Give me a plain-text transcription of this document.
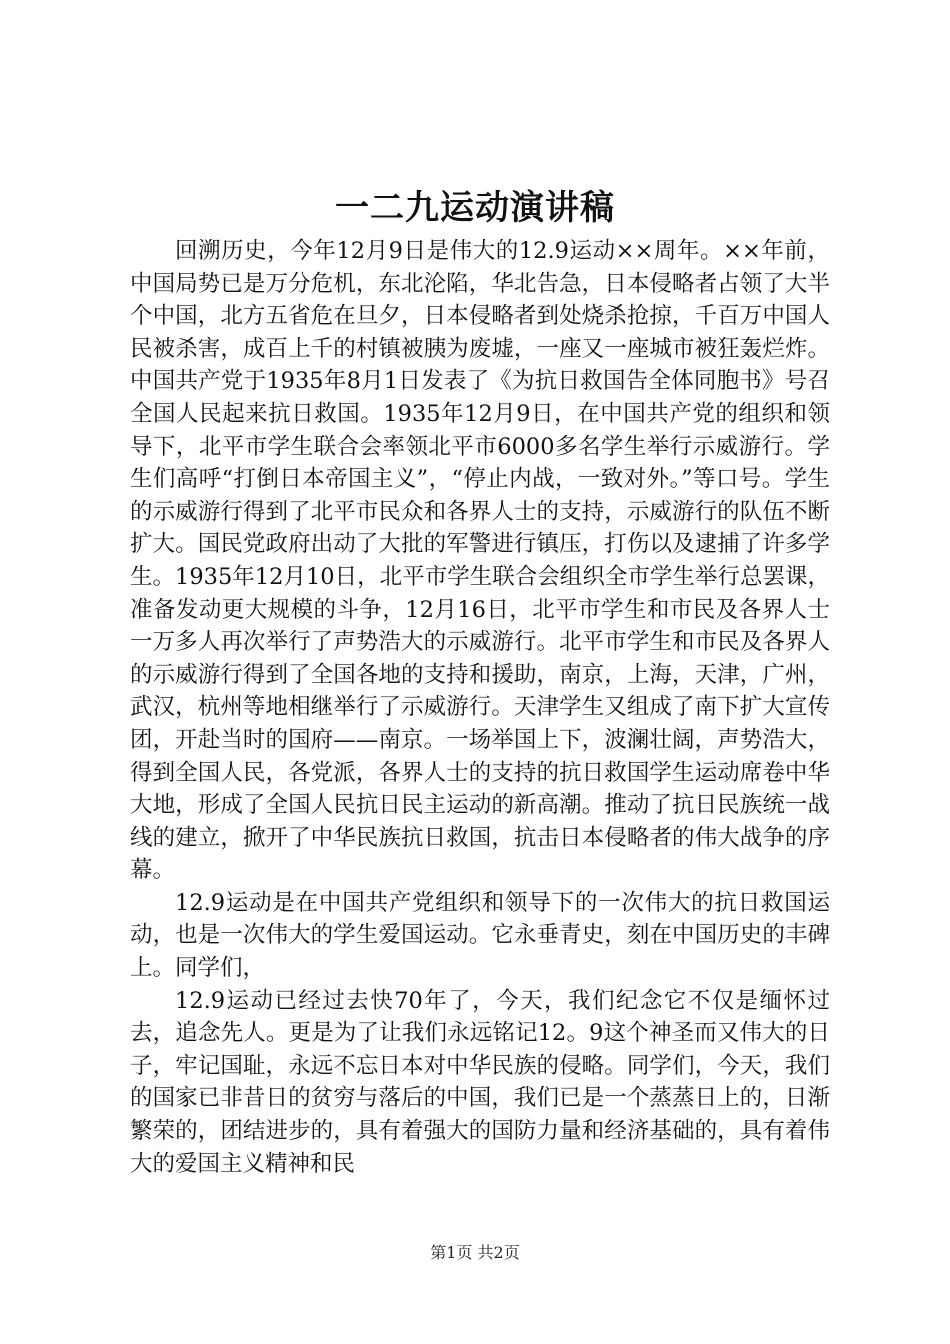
一二九运动演讲稿

回溯历史，今年12月9日是伟大的12.9运动××周年。××年前，中国局势已是万分危机，东北沦陷，华北告急，日本侵略者占领了大半个中国，北方五省危在旦夕，日本侵略者到处烧杀抢掠，千百万中国人民被杀害，成百上千的村镇被胰为废墟，一座又一座城市被狂轰烂炸。中国共产党于1935年8月1日发表了《为抗日救国告全体同胞书》号召全国人民起来抗日救国。1935年12月9日，在中国共产党的组织和领导下，北平市学生联合会率领北平市6000多名学生举行示威游行。学生们高呼“打倒日本帝国主义”，“停止内战，一致对外。”等口号。学生的示威游行得到了北平市民众和各界人士的支持，示威游行的队伍不断扩大。国民党政府出动了大批的军警进行镇压，打伤以及逮捕了许多学生。1935年12月10日，北平市学生联合会组织全市学生举行总罢课，准备发动更大规模的斗争，12月16日，北平市学生和市民及各界人士一万多人再次举行了声势浩大的示威游行。北平市学生和市民及各界人的示威游行得到了全国各地的支持和援助，南京，上海，天津，广州，武汉，杭州等地相继举行了示威游行。天津学生又组成了南下扩大宣传团，开赴当时的国府——南京。一场举国上下，波澜壮阔，声势浩大，得到全国人民，各党派，各界人士的支持的抗日救国学生运动席卷中华大地，形成了全国人民抗日民主运动的新高潮。推动了抗日民族统一战线的建立，掀开了中华民族抗日救国，抗击日本侵略者的伟大战争的序幕。

12.9运动是在中国共产党组织和领导下的一次伟大的抗日救国运动，也是一次伟大的学生爱国运动。它永垂青史，刻在中国历史的丰碑上。同学们，

12.9运动已经过去快70年了，今天，我们纪念它不仅是缅怀过去，追念先人。更是为了让我们永远铭记12。9这个神圣而又伟大的日子，牢记国耻，永远不忘日本对中华民族的侵略。同学们，今天，我们的国家已非昔日的贫穷与落后的中国，我们已是一个蒸蒸日上的，日渐繁荣的，团结进步的，具有着强大的国防力量和经济基础的，具有着伟大的爱国主义精神和民

第1页 共2页
